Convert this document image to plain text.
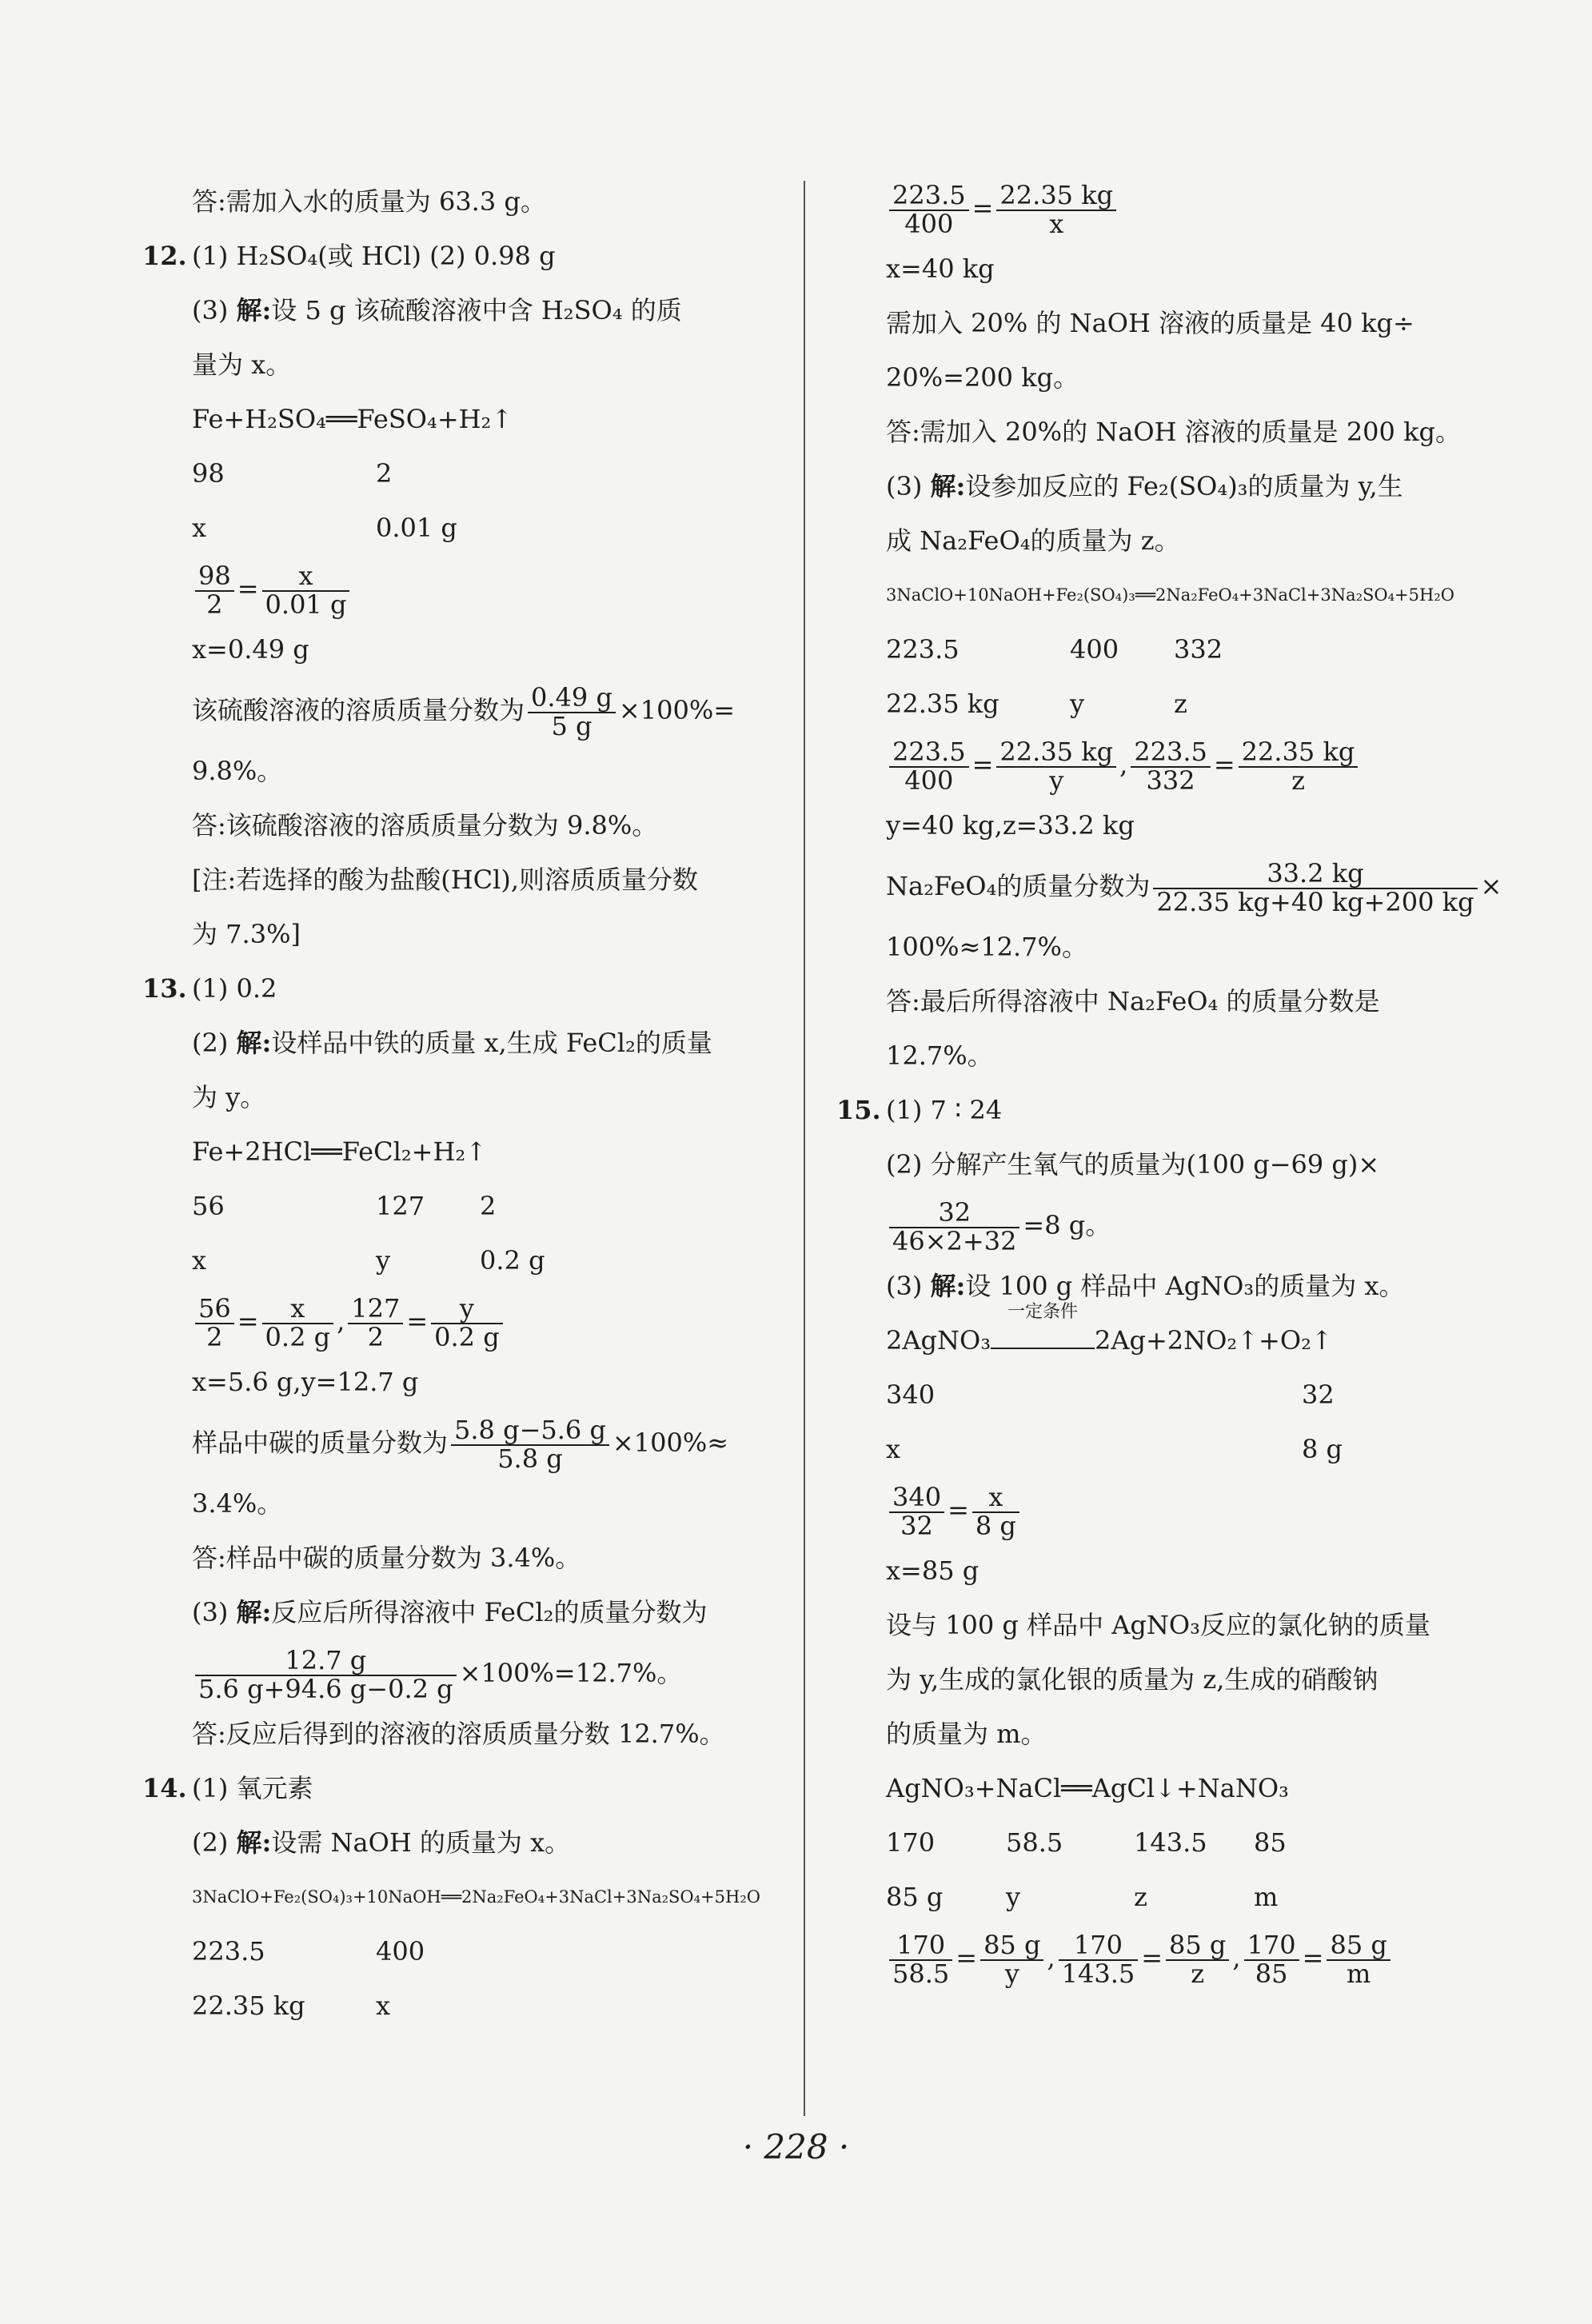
答:需加入水的质量为 63.3 g。
12. (1) H₂SO₄(或 HCl) (2) 0.98 g
(3) 解:设 5 g 该硫酸溶液中含 H₂SO₄ 的质
量为 x。
Fe+H₂SO₄══FeSO₄+H₂↑
98	2
x	0.01 g
$\frac{98}{2} = \frac{x}{0.01 g}$
x=0.49 g
该硫酸溶液的溶质质量分数为 $\frac{0.49 g}{5 g} \times 100\%=$
9.8%。
答:该硫酸溶液的溶质质量分数为 9.8%。
[注:若选择的酸为盐酸(HCl),则溶质质量分数
为 7.3%]
13. (1) 0.2
(2) 解:设样品中铁的质量 x,生成 FeCl₂的质量
为 y。
Fe+2HCl══FeCl₂+H₂↑
56	127 2
x	y	0.2 g
$\frac{56}{2} = \frac{x}{0.2 g}$ , $\frac{127}{2} = \frac{y}{0.2 g}$
x=5.6 g,y=12.7 g
样品中碳的质量分数为 $\frac{5.8 g-5.6 g}{5.8 g} \times 100\%\approx$
3.4%。
答:样品中碳的质量分数为 3.4%。
(3) 解:反应后所得溶液中 FeCl₂的质量分数为
$\frac{12.7 g}{5.6 g+94.6 g-0.2 g} \times 100\%=12.7\%$。
答:反应后得到的溶液的溶质质量分数 12.7%。
14. (1) 氧元素
(2) 解:设需 NaOH 的质量为 x。
3NaClO+Fe₂(SO₄)₃+10NaOH══2Na₂FeO₄+3NaCl+3Na₂SO₄+5H₂O
223.5	400
22.35 kg	x
$\frac{223.5}{400} = \frac{22.35 kg}{x}$
x=40 kg
需加入 20% 的 NaOH 溶液的质量是 40 kg÷
20%=200 kg。
答:需加入 20%的 NaOH 溶液的质量是 200 kg。
(3) 解:设参加反应的 Fe₂(SO₄)₃的质量为 y,生
成 Na₂FeO₄的质量为 z。
3NaClO+10NaOH+Fe₂(SO₄)₃══2Na₂FeO₄+3NaCl+3Na₂SO₄+5H₂O
223.5	400 332
22.35 kg	y	z
$\frac{223.5}{400} = \frac{22.35 kg}{y}$ , $\frac{223.5}{332} = \frac{22.35 kg}{z}$
y=40 kg,z=33.2 kg
Na₂FeO₄的质量分数为 $\frac{33.2 kg}{22.35 kg+40 kg+200 kg}$ ×
100%≈12.7%。
答:最后所得溶液中 Na₂FeO₄ 的质量分数是
12.7%。
15. (1) 7 ∶ 24
(2) 分解产生氧气的质量为(100 g−69 g)×
$\frac{32}{46\times 2+32} =8$ g。
(3) 解:设 100 g 样品中 AgNO₃的质量为 x。
2AgNO₃
一定条件
2Ag+2NO₂↑+O₂↑
340	32
x	8 g
$\frac{340}{32} = \frac{x}{8 g}$
x=85 g
设与 100 g 样品中 AgNO₃反应的氯化钠的质量
为 y,生成的氯化银的质量为 z,生成的硝酸钠
的质量为 m。
AgNO₃+NaCl══AgCl↓+NaNO₃
170	58.5	143.5 85
85 g y	z	m
$\frac{170}{58.5} = \frac{85 g}{y}$ , $\frac{170}{143.5} = \frac{85 g}{z}$ , $\frac{170}{85} = \frac{85 g}{m}$
· 228 ·
